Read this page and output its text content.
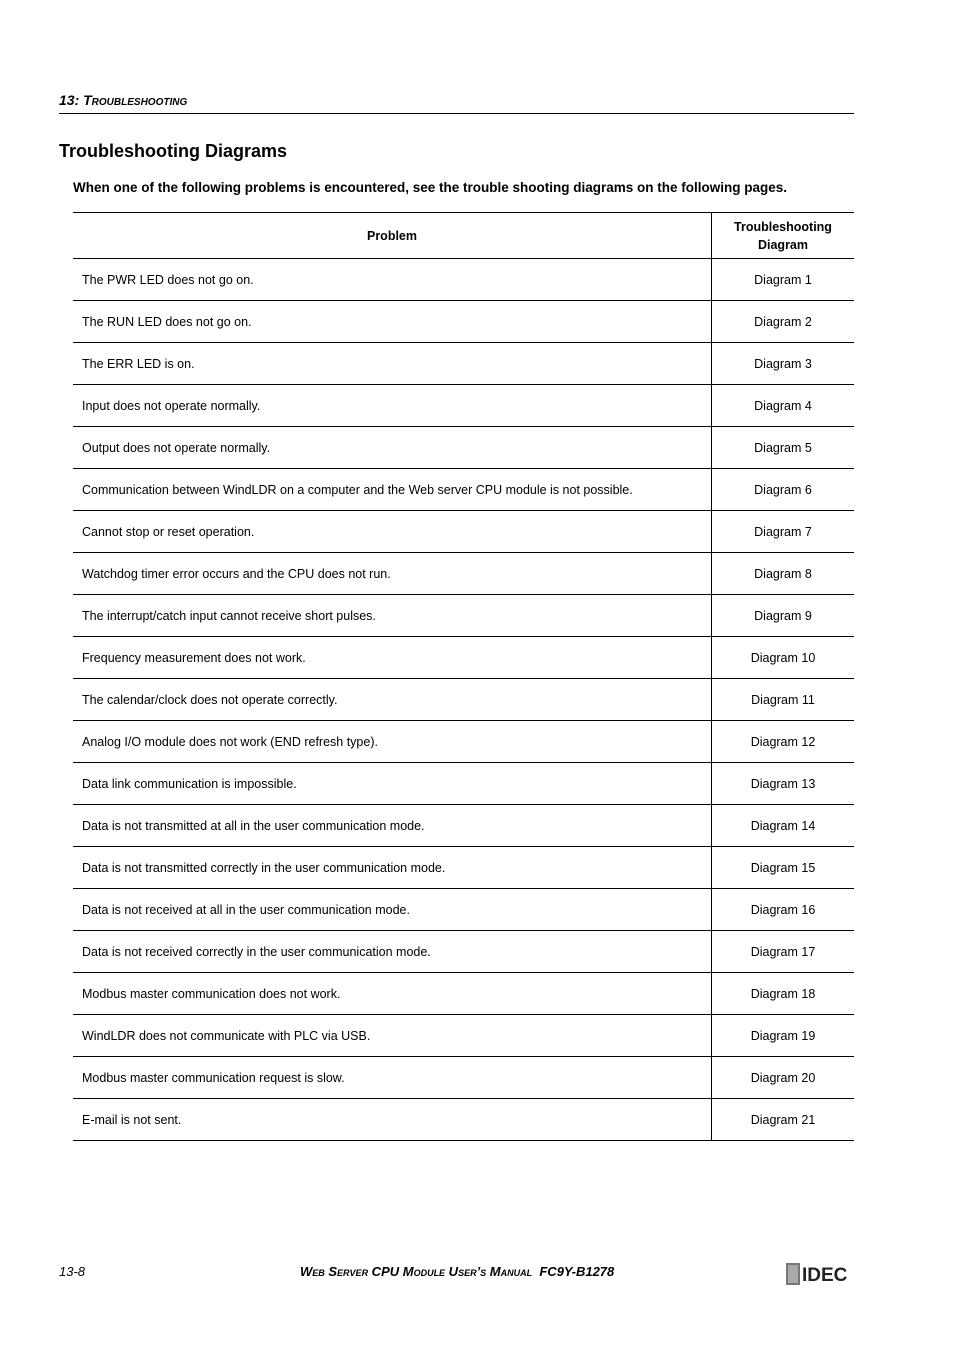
13: Troubleshooting
Troubleshooting Diagrams
When one of the following problems is encountered, see the trouble shooting diagrams on the following pages.
Problem	Troubleshooting Diagram
The PWR LED does not go on.	Diagram 1
The RUN LED does not go on.	Diagram 2
The ERR LED is on.	Diagram 3
Input does not operate normally.	Diagram 4
Output does not operate normally.	Diagram 5
Communication between WindLDR on a computer and the Web server CPU module is not possible.	Diagram 6
Cannot stop or reset operation.	Diagram 7
Watchdog timer error occurs and the CPU does not run.	Diagram 8
The interrupt/catch input cannot receive short pulses.	Diagram 9
Frequency measurement does not work.	Diagram 10
The calendar/clock does not operate correctly.	Diagram 11
Analog I/O module does not work (END refresh type).	Diagram 12
Data link communication is impossible.	Diagram 13
Data is not transmitted at all in the user communication mode.	Diagram 14
Data is not transmitted correctly in the user communication mode.	Diagram 15
Data is not received at all in the user communication mode.	Diagram 16
Data is not received correctly in the user communication mode.	Diagram 17
Modbus master communication does not work.	Diagram 18
WindLDR does not communicate with PLC via USB.	Diagram 19
Modbus master communication request is slow.	Diagram 20
E-mail is not sent.	Diagram 21
13-8	Web Server CPU Module User’s Manual FC9Y-B1278	IDEC
